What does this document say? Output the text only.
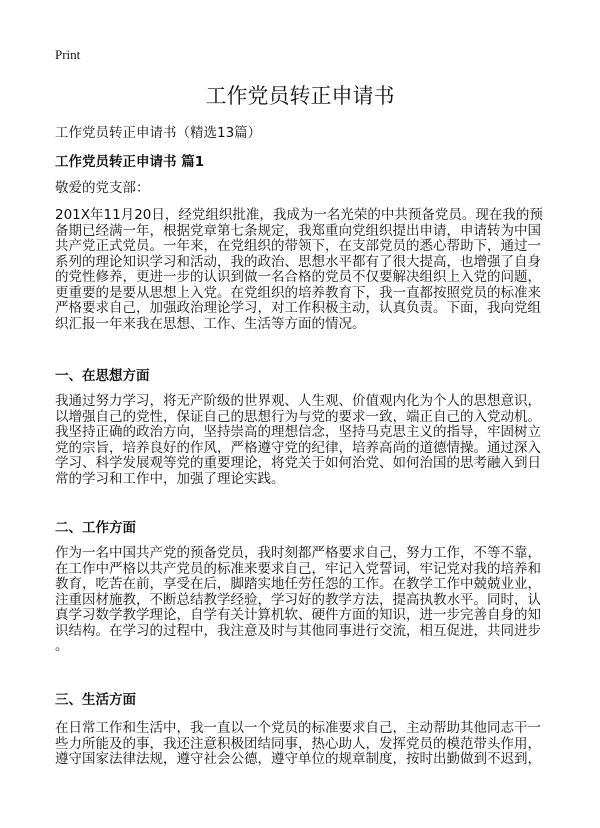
Print
工作党员转正申请书
工作党员转正申请书（精选13篇）
工作党员转正申请书 篇1
敬爱的党支部：
201X年11月20日，经党组织批准，我成为一名光荣的中共预备党员。现在我的预
备期已经满一年，根据党章第七条规定，我郑重向党组织提出申请，申请转为中国
共产党正式党员。一年来，在党组织的带领下，在支部党员的悉心帮助下，通过一
系列的理论知识学习和活动，我的政治、思想水平都有了很大提高，也增强了自身
的党性修养，更进一步的认识到做一名合格的党员不仅要解决组织上入党的问题，
更重要的是要从思想上入党。在党组织的培养教育下，我一直都按照党员的标准来
严格要求自己，加强政治理论学习，对工作积极主动，认真负责。下面，我向党组
织汇报一年来我在思想、工作、生活等方面的情况。
一、在思想方面
我通过努力学习，将无产阶级的世界观、人生观、价值观内化为个人的思想意识，
以增强自己的党性，保证自己的思想行为与党的要求一致，端正自己的入党动机。
我坚持正确的政治方向，坚持崇高的理想信念，坚持马克思主义的指导，牢固树立
党的宗旨，培养良好的作风，严格遵守党的纪律，培养高尚的道德情操。通过深入
学习、科学发展观等党的重要理论，将党关于如何治党、如何治国的思考融入到日
常的学习和工作中，加强了理论实践。
二、工作方面
作为一名中国共产党的预备党员，我时刻都严格要求自己，努力工作，不等不靠，
在工作中严格以共产党员的标准来要求自己，牢记入党誓词，牢记党对我的培养和
教育，吃苦在前，享受在后，脚踏实地任劳任怨的工作。在教学工作中兢兢业业，
注重因材施教，不断总结教学经验，学习好的教学方法，提高执教水平。同时，认
真学习数学教学理论，自学有关计算机软、硬件方面的知识，进一步完善自身的知
识结构。在学习的过程中，我注意及时与其他同事进行交流，相互促进，共同进步
。
三、生活方面
在日常工作和生活中，我一直以一个党员的标准要求自己，主动帮助其他同志干一
些力所能及的事，我还注意积极团结同事，热心助人，发挥党员的模范带头作用，
遵守国家法律法规，遵守社会公德，遵守单位的规章制度，按时出勤做到不迟到，
